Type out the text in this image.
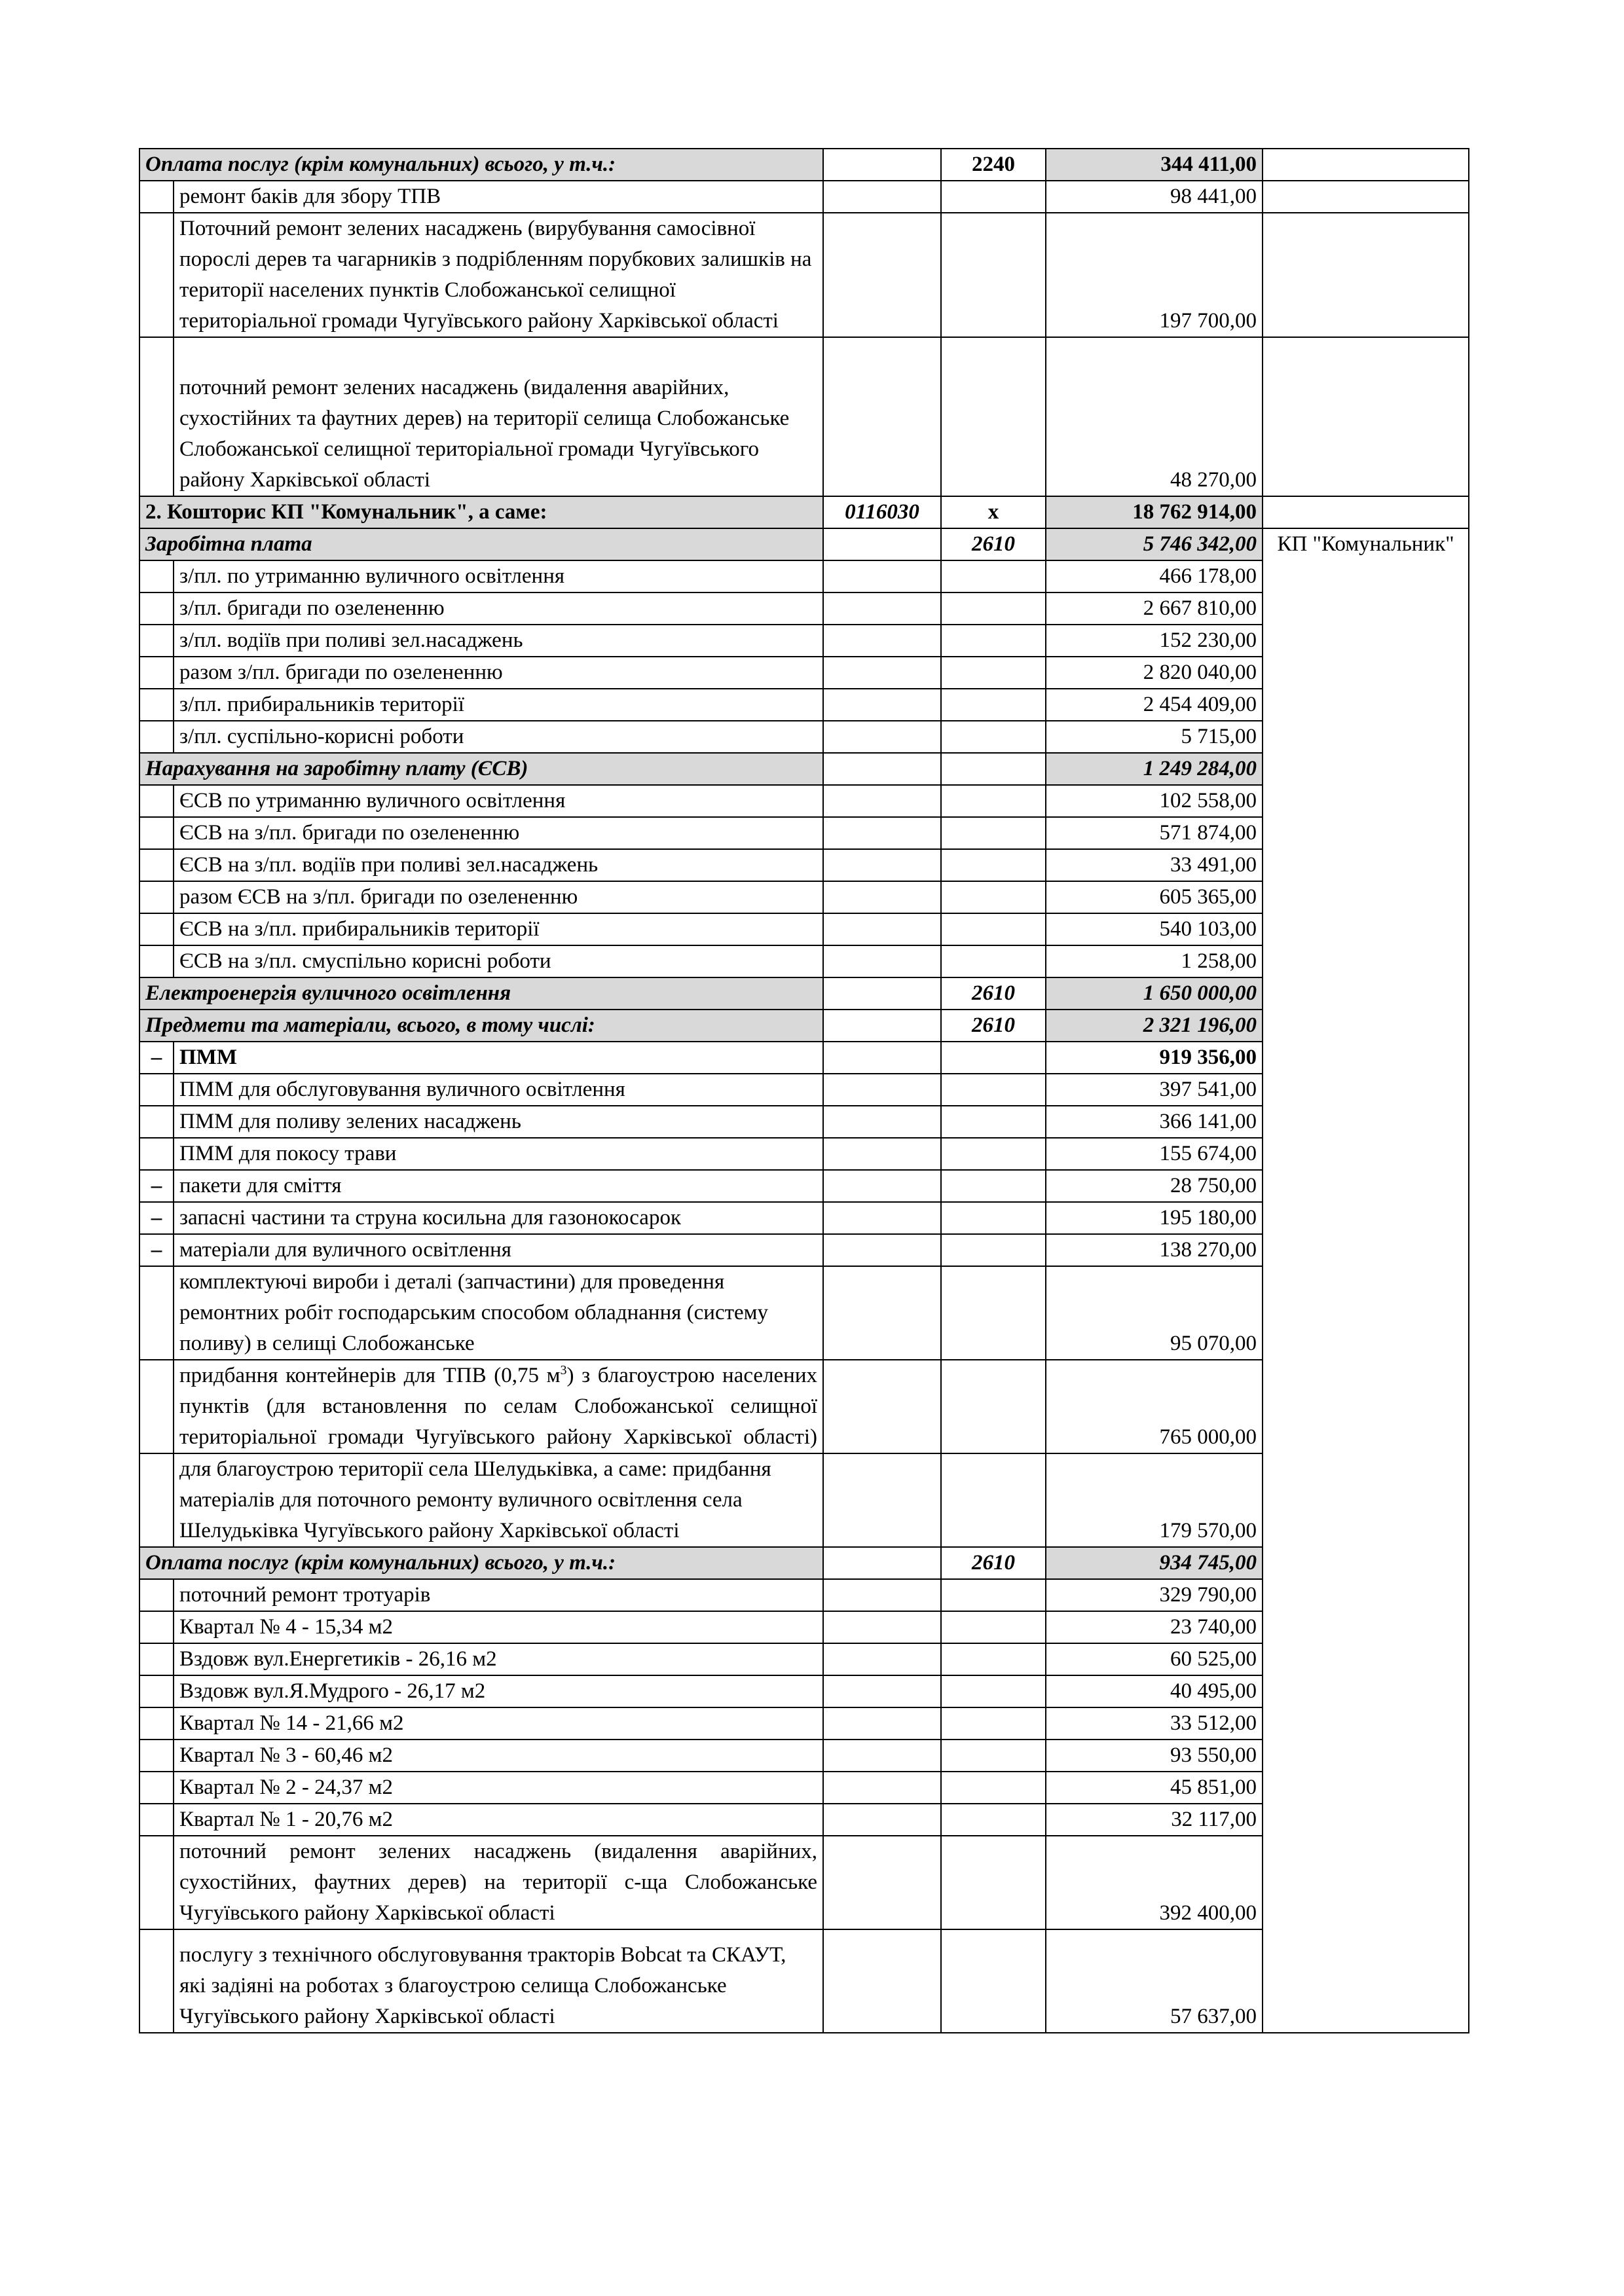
Оплата послуг (крім комунальних) всього, у т.ч.:			2240	344 411,00	
	ремонт баків для збору ТПВ			98 441,00	
	Поточний ремонт зелених насаджень (вирубування самосівної порослі дерев та чагарників з подрібленням порубкових залишків на території населених пунктів Слобожанської селищної територіальної громади Чугуївського району Харківської області			197 700,00	
	поточний ремонт зелених насаджень (видалення аварійних, сухостійних та фаутних дерев) на території селища Слобожанське Слобожанської селищної територіальної громади Чугуївського району Харківської області			48 270,00	
2. Кошторис КП "Комунальник", а саме:		0116030	х	18 762 914,00	
Заробітна плата			2610	5 746 342,00	КП "Комунальник"
	з/пл. по утриманню вуличного освітлення			466 178,00	
	з/пл. бригади по озелененню			2 667 810,00	
	з/пл. водіїв при поливі зел.насаджень			152 230,00	
	разом з/пл. бригади по озелененню			2 820 040,00	
	з/пл. прибиральників території			2 454 409,00	
	з/пл. суспільно-корисні роботи			5 715,00	
Нарахування на заробітну плату (ЄСВ)				1 249 284,00	
	ЄСВ по утриманню вуличного освітлення			102 558,00	
	ЄСВ на з/пл. бригади по озелененню			571 874,00	
	ЄСВ на з/пл. водіїв при поливі зел.насаджень			33 491,00	
	разом ЄСВ на з/пл. бригади по озелененню			605 365,00	
	ЄСВ на з/пл. прибиральників території			540 103,00	
	ЄСВ на з/пл. смуспільно корисні роботи			1 258,00	
Електроенергія вуличного освітлення			2610	1 650 000,00	
Предмети та матеріали, всього, в тому числі:			2610	2 321 196,00	
–	ПММ			919 356,00	
	ПММ для обслуговування вуличного освітлення			397 541,00	
	ПММ для поливу зелених насаджень			366 141,00	
	ПММ для покосу трави			155 674,00	
–	пакети для сміття			28 750,00	
–	запасні частини та струна косильна для газонокосарок			195 180,00	
–	матеріали для вуличного освітлення			138 270,00	
	комплектуючі вироби і деталі (запчастини) для проведення ремонтних робіт господарським способом обладнання (систему поливу) в селищі Слобожанське			95 070,00	
	придбання контейнерів для ТПВ (0,75 $м^3$) з благоустрою населених пунктів (для встановлення по селам Слобожанської селищної територіальної громади Чугуївського району Харківської області)			765 000,00	
	для благоустрою території села Шелудьківка, а саме: придбання матеріалів для поточного ремонту вуличного освітлення села Шелудьківка Чугуївського району Харківської області			179 570,00	
Оплата послуг (крім комунальних) всього, у т.ч.:			2610	934 745,00	
	поточний ремонт тротуарів			329 790,00	
	Квартал № 4 - 15,34 м2			23 740,00	
	Вздовж вул.Енергетиків - 26,16 м2			60 525,00	
	Вздовж вул.Я.Мудрого - 26,17 м2			40 495,00	
	Квартал № 14 - 21,66 м2			33 512,00	
	Квартал № 3 - 60,46 м2			93 550,00	
	Квартал № 2 - 24,37 м2			45 851,00	
	Квартал № 1 - 20,76 м2			32 117,00	
	поточний ремонт зелених насаджень (видалення аварійних, сухостійних, фаутних дерев) на території с-ща Слобожанське Чугуївського району Харківської області			392 400,00	
	послугу з технічного обслуговування тракторів Bobcat та СКАУТ, які задіяні на роботах з благоустрою селища Слобожанське Чугуївського району Харківської області			57 637,00	
